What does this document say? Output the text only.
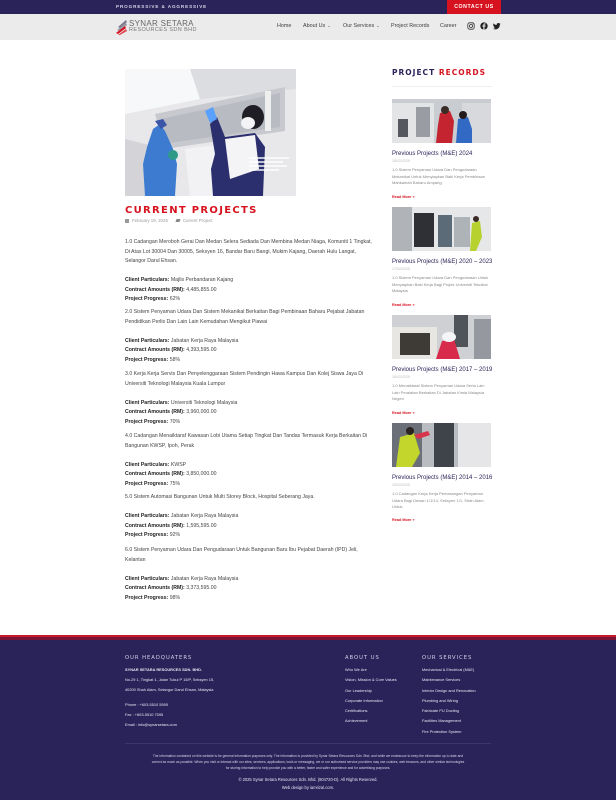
PROGRESSIVE & AGGRESSIVE	CONTACT US
SYNAR SETARA
RESOURCES SDN BHD
Home About Us ⌄ Our Services ⌄ Project Records Career
CURRENT PROJECTS
February 19, 2025	Current Project

1.0 Cadangan Meroboh Gerai Dan Medan Selera Sediada Dan Membina Medan Niaga, Komuniti 1 Tingkat, Di Atas Lot 30004 Dan 30005, Seksyen 16, Bandar Baru Bangi, Mukim Kajang, Daerah Hulu Langat, Selangor Darul Ehsan.

Client Particulars: Majlis Perbandaran Kajang

Contract Amounts (RM): 4,485,855.00

Project Progress: 62%

2.0 Sistem Penyaman Udara Dan Sistem Mekanikal Berkaitan Bagi Pembinaan Baharu Pejabat Jabatan Pendidikan Perlis Dan Lain Lain Kemudahan Mengikut Piawai

Client Particulars: Jabatan Kerja Raya Malaysia

Contract Amounts (RM): 4,393,595.00

Project Progress: 58%

3.0 Kerja Kerja Servis Dan Penyelenggaraan Sistem Pendingin Hawa Kampus Dan Kolej Siswa Jaya Di Universiti Teknologi Malaysia Kuala Lumpur

Client Particulars: Universiti Teknologi Malaysia

Contract Amounts (RM): 3,960,000.00

Project Progress: 70%

4.0 Cadangan Menaiktaraf Kawasan Lobi Utama Setiap Tingkat Dan Tandas Termasuk Kerja Berkaitan Di Bangunan KWSP, Ipoh, Perak

Client Particulars: KWSP

Contract Amounts (RM): 3,850,000.00

Project Progress: 75%

5.0 Sistem Automasi Bangunan Untuk Multi Storey Block, Hospital Seberang Jaya.

Client Particulars: Jabatan Kerja Raya Malaysia

Contract Amounts (RM): 1,595,595.00

Project Progress: 92%

6.0 Sistem Penyaman Udara Dan Pengudaraan Untuk Bangunan Baru Ibu Pejabat Daerah (IPD) Jeli, Kelantan

Client Particulars: Jabatan Kerja Raya Malaysia

Contract Amounts (RM): 3,373,595.00

Project Progress: 98%

PROJECT RECORDS
Previous Projects (M&E) 2024
18/02/2025
1.0 Sistem Penyaman Udara Dan Pengudaraan Mekanikal Untuk Menyiapkan Baki Kerja Pembinaan Mahkamah Baharu Ampang,
Read More »
Previous Projects (M&E) 2020 – 2023
17/02/2025
1.0 Sistem Penyaman Udara Dan Pengudaraan Untuk Menyiapkan Baki Kerja Bagi Projek Universiti Teknikal Malaysia
Read More »
Previous Projects (M&E) 2017 – 2019
16/02/2025
1.0 Menaiktaraf Sistem Penyaman Udara Serta Lain Lain Peralatan Berkaitan Di Jabatan Kimia Malaysia Negeri
Read More »
Previous Projects (M&E) 2014 – 2016
15/02/2025
1.0 Cadangan Kerja Kerja Pemasangan Penyaman Udara Bagi Dewan 1/1/14, Seksyen 1/1, Shah Alam Untuk
Read More »
OUR HEADQUATERS
SYNAR SETARA RESOURCES SDN. BHD.
No.29 1, Tingkat 1, Jalan Tukul P 15/P, Seksyen 15,
40200 Shah Alam, Selangor Darul Ehsan, Malaysia
Phone : +603-5510 5595
Fax : +603-5510 7595
Email : info@synarsetara.com
ABOUT US
Who We Are
Vision, Mission & Core Values
Our Leadership
Corporate Information
Certifications
Achievement
OUR SERVICES
Mechanical & Electrical (M&E)
Maintenance Services
Interior Design and Renovation
Plumbing and Wiring
Fabricate PU Ducting
Facilities Management
Fire Protection System

The information contained on this website is for general information purposes only. The information is provided by Synar Setara Resources Sdn. Bhd. and while we endeavour to keep the information up to date and correct as much as possible. When you visit or interact with our sites, services, applications, tools or messaging, we or our authorised service providers may use cookies, web beacons, and other similar technologies for storing information to help provide you with a better, faster and safer experience and for advertising purposes.

© 2025 Synar Setara Resources Sdn. Bhd. (804720-D). All Rights Reserved.

Web design by iamrizal.com.
